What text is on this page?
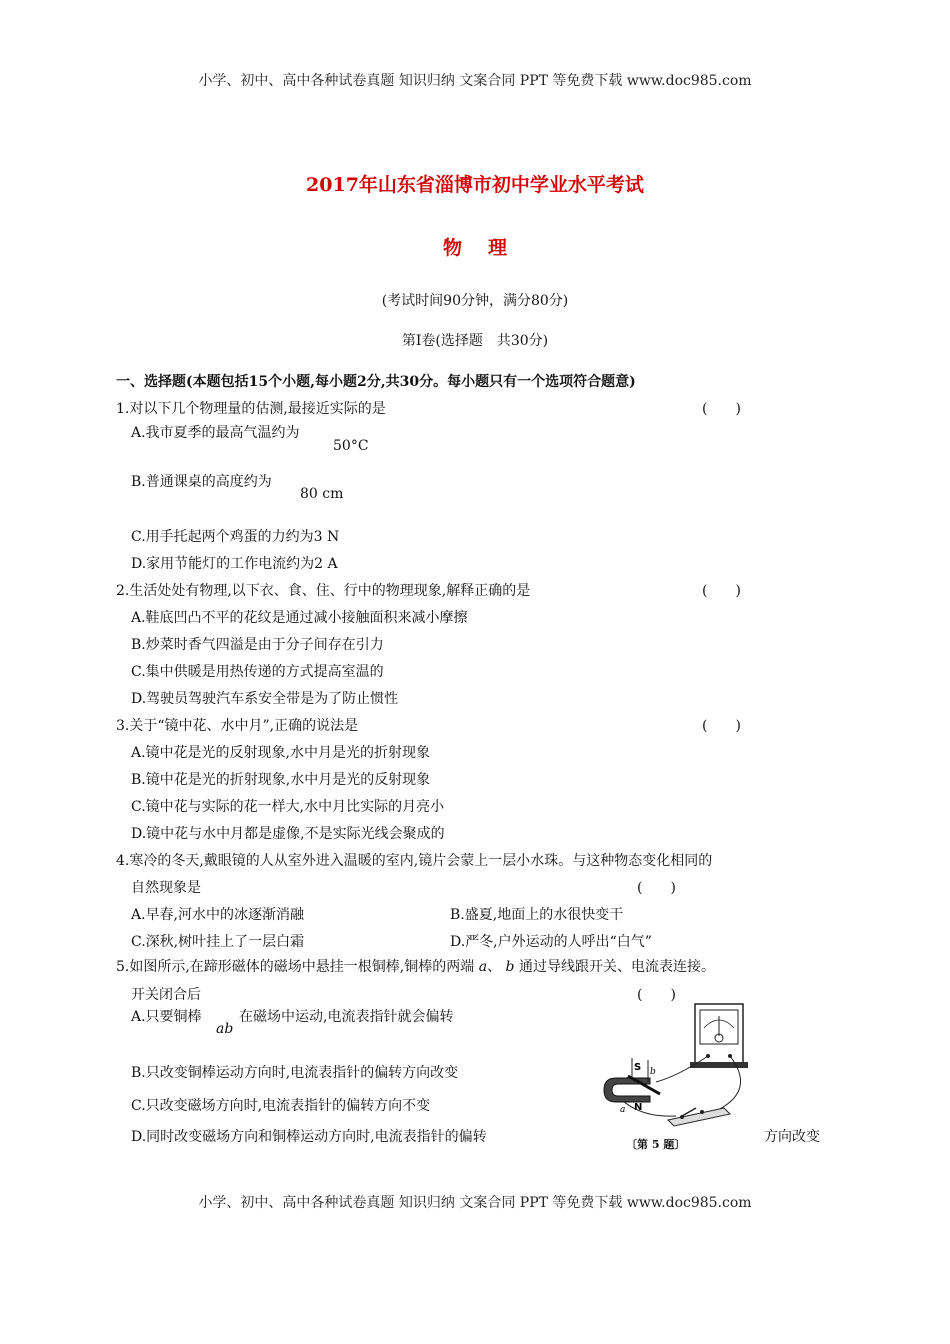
小学、初中、高中各种试卷真题 知识归纳 文案合同 PPT 等免费下载 www.doc985.com
2017年山东省淄博市初中学业水平考试
物 理
(考试时间90分钟，满分80分)
第Ⅰ卷(选择题　共30分)
一、选择题(本题包括15个小题,每小题2分,共30分。每小题只有一个选项符合题意)
1.对以下几个物理量的估测,最接近实际的是	(　　)
A.我市夏季的最高气温约为
50°C
B.普通课桌的高度约为
80 cm
C.用手托起两个鸡蛋的力约为3 N
D.家用节能灯的工作电流约为2 A
2.生活处处有物理,以下衣、食、住、行中的物理现象,解释正确的是	(　　)
A.鞋底凹凸不平的花纹是通过减小接触面积来减小摩擦
B.炒菜时香气四溢是由于分子间存在引力
C.集中供暖是用热传递的方式提高室温的
D.驾驶员驾驶汽车系安全带是为了防止惯性
3.关于“镜中花、水中月”,正确的说法是	(　　)
A.镜中花是光的反射现象,水中月是光的折射现象
B.镜中花是光的折射现象,水中月是光的反射现象
C.镜中花与实际的花一样大,水中月比实际的月亮小
D.镜中花与水中月都是虚像,不是实际光线会聚成的
4.寒冷的冬天,戴眼镜的人从室外进入温暖的室内,镜片会蒙上一层小水珠。与这种物态变化相同的
自然现象是	(　　)
A.早春,河水中的冰逐渐消融	B.盛夏,地面上的水很快变干
C.深秋,树叶挂上了一层白霜	D.严冬,户外运动的人呼出“白气”
5.如图所示,在蹄形磁体的磁场中悬挂一根铜棒,铜棒的两端 a、 b 通过导线跟开关、电流表连接。
开关闭合后	(　　)
A.只要铜棒
ab
在磁场中运动,电流表指针就会偏转
B.只改变铜棒运动方向时,电流表指针的偏转方向改变
C.只改变磁场方向时,电流表指针的偏转方向不变
D.同时改变磁场方向和铜棒运动方向时,电流表指针的偏转	方向改变
S b
a N
〔第 5 题〕
小学、初中、高中各种试卷真题 知识归纳 文案合同 PPT 等免费下载 www.doc985.com
